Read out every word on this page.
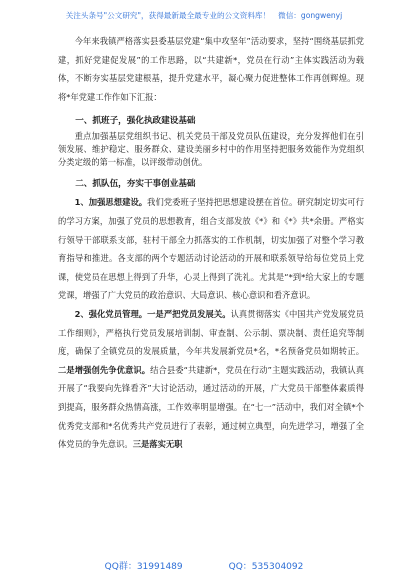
关注头条号"公文研究"，获得最新最全最专业的公文资料库！ 微信：gongwenyj

今年来我镇严格落实县委基层党建“集中攻坚年”活动要求，坚持“围绕基层抓党建，抓好党建促发展”的工作思路，以“共建新*，党员在行动”主体实践活动为载体，不断夯实基层党建根基，提升党建水平，凝心聚力促进整体工作再创辉煌。现将*年党建工作作如下汇报：

一、抓班子，强化执政建设基础

重点加强基层党组织书记、机关党员干部及党员队伍建设，充分发挥他们在引领发展、维护稳定、服务群众、建设美丽乡村中的作用坚持把服务效能作为党组织分类定级的第一标准，以评级带动创优。

二、抓队伍，夯实干事创业基础

1、加强思想建设。我们党委班子坚持把思想建设摆在首位。研究制定切实可行的学习方案，加强了党员的思想教育，组合支部发放《*》和《*》共*余册。严格实行领导干部联系支部，驻村干部全力抓落实的工作机制，切实加强了对整个学习教育指导和推进。各支部的两个专题活动讨论活动的开展和联系领导给每位党员上党课，使党员在思想上得到了升华，心灵上得到了洗礼。尤其是“*到*给大家上的专题党课，增强了广大党员的政治意识、大局意识、核心意识和看齐意识。

2、强化党员管理。一是严把党员发展关。认真贯彻落实《中国共产党发展党员工作细则》，严格执行党员发展培训制、审查制、公示制、票决制、责任追究等制度，确保了全镇党员的发展质量，今年共发展新党员*名，*名预备党员如期转正。二是增强创先争优意识。结合县委“共建新*，党员在行动”主题实践活动，我镇认真开展了“我要向先锋看齐”大讨论活动，通过活动的开展，广大党员干部整体素质得到提高，服务群众热情高涨，工作效率明显增强。在“七一”活动中，我们对全镇*个优秀党支部和*名优秀共产党员进行了表彰，通过树立典型，向先进学习，增强了全体党员的争先意识。三是落实无职

QQ群：31991489	QQ：535304092
